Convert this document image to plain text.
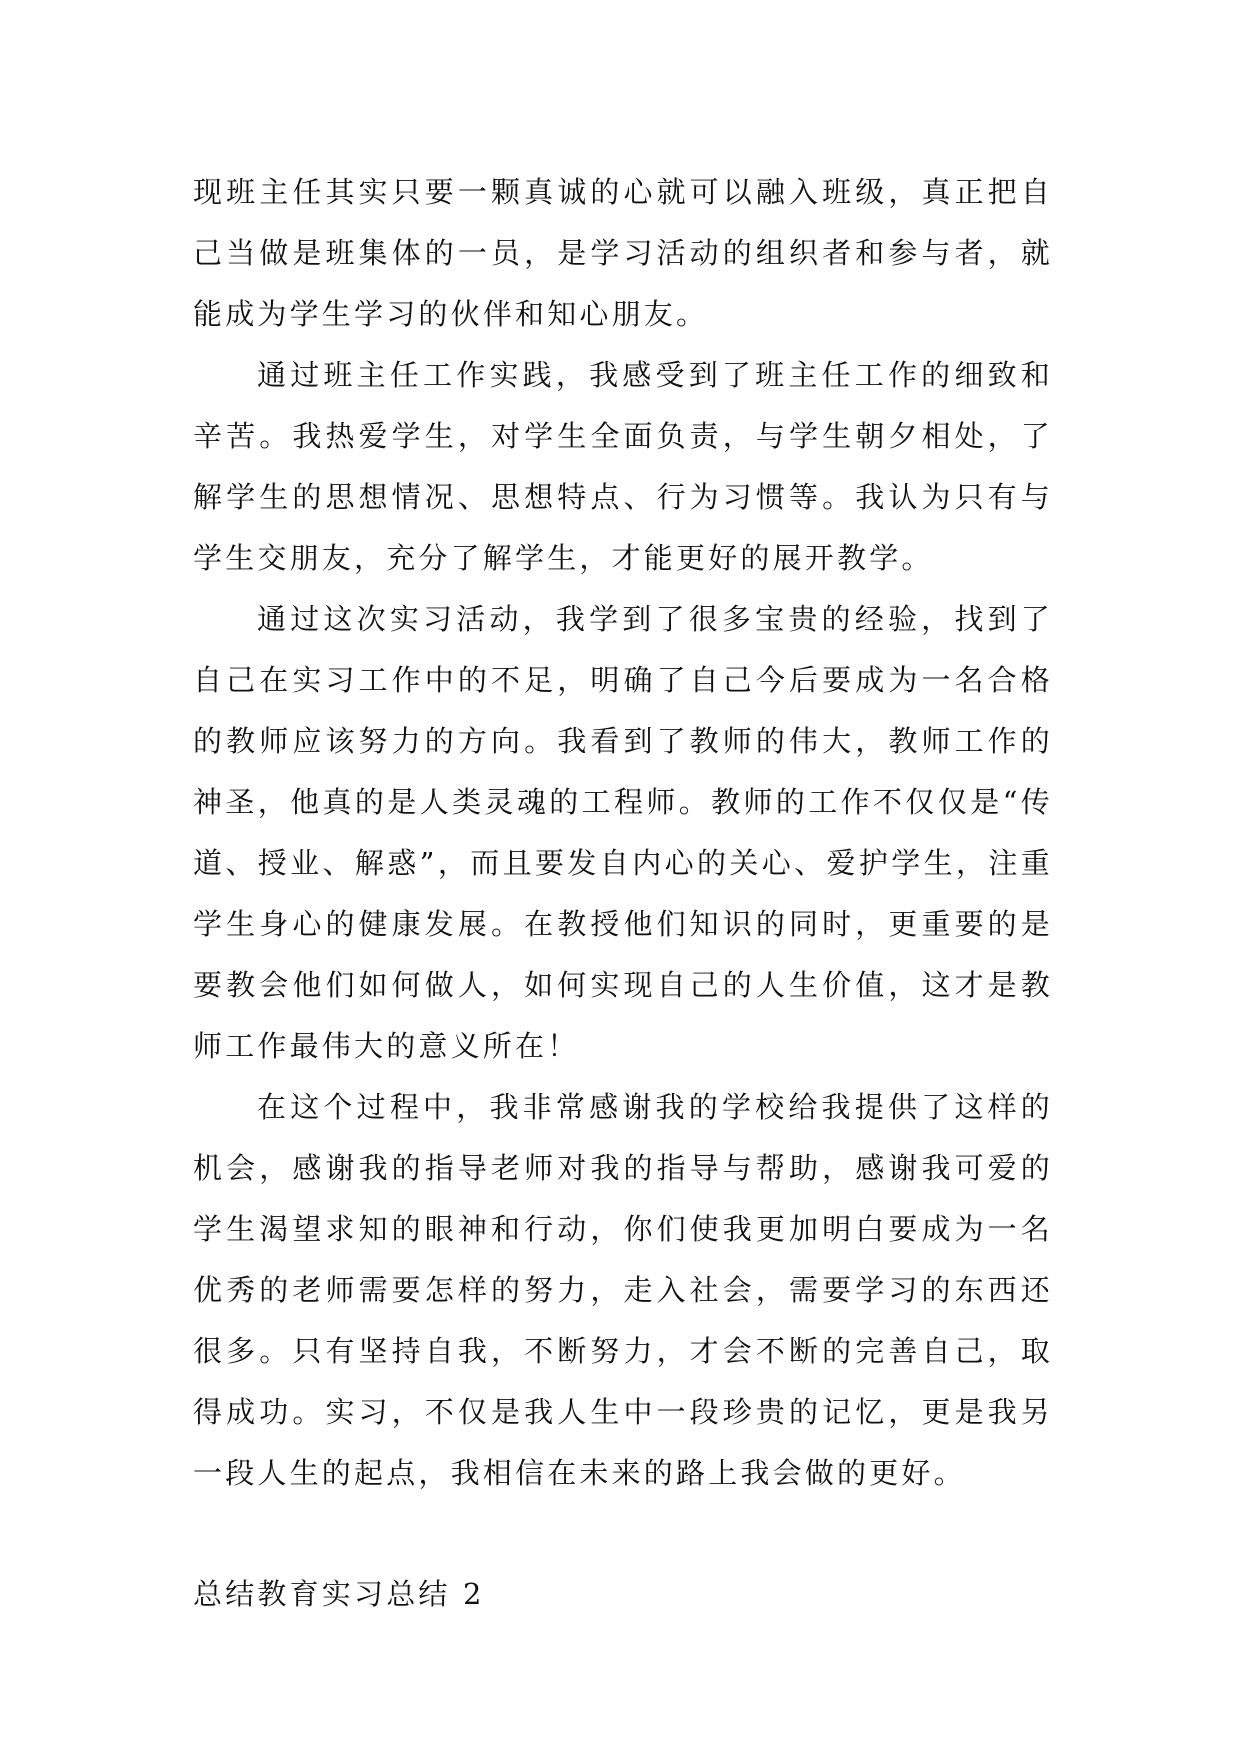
现班主任其实只要一颗真诚的心就可以融入班级，真正把自己当做是班集体的一员，是学习活动的组织者和参与者，就能成为学生学习的伙伴和知心朋友。

通过班主任工作实践，我感受到了班主任工作的细致和辛苦。我热爱学生，对学生全面负责，与学生朝夕相处，了解学生的思想情况、思想特点、行为习惯等。我认为只有与学生交朋友，充分了解学生，才能更好的展开教学。

通过这次实习活动，我学到了很多宝贵的经验，找到了自己在实习工作中的不足，明确了自己今后要成为一名合格的教师应该努力的方向。我看到了教师的伟大，教师工作的神圣，他真的是人类灵魂的工程师。教师的工作不仅仅是“传道、授业、解惑”，而且要发自内心的关心、爱护学生，注重学生身心的健康发展。在教授他们知识的同时，更重要的是要教会他们如何做人，如何实现自己的人生价值，这才是教师工作最伟大的意义所在！

在这个过程中，我非常感谢我的学校给我提供了这样的机会，感谢我的指导老师对我的指导与帮助，感谢我可爱的学生渴望求知的眼神和行动，你们使我更加明白要成为一名优秀的老师需要怎样的努力，走入社会，需要学习的东西还很多。只有坚持自我，不断努力，才会不断的完善自己，取得成功。实习，不仅是我人生中一段珍贵的记忆，更是我另一段人生的起点，我相信在未来的路上我会做的更好。

总结教育实习总结 2
